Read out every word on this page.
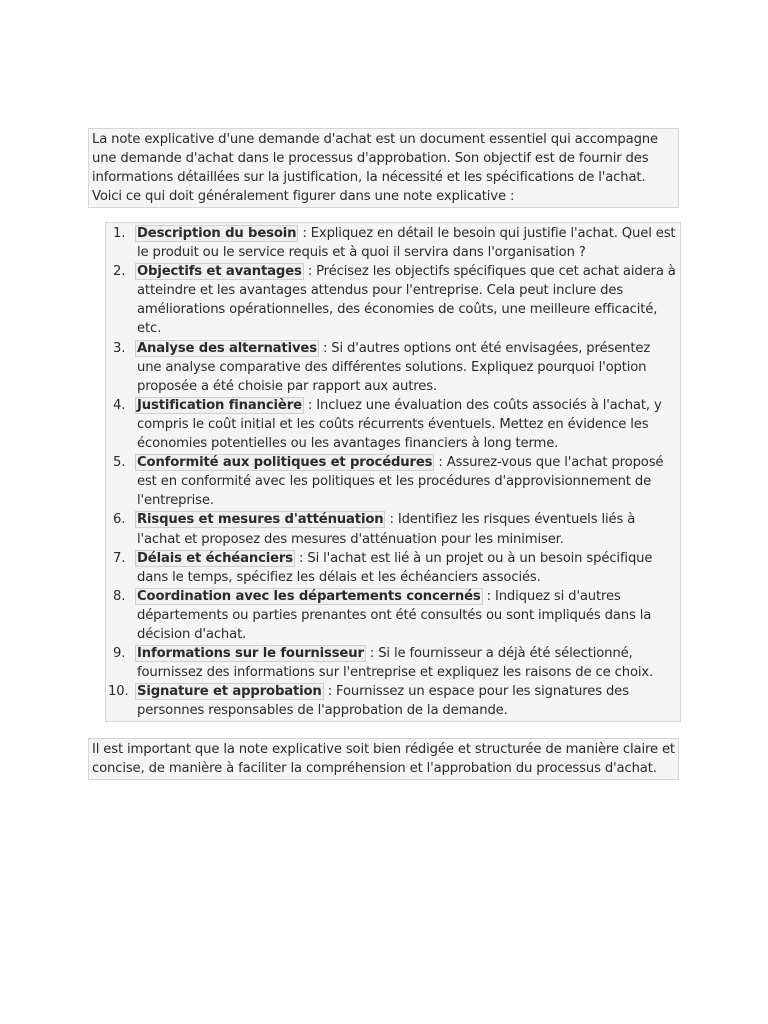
La note explicative d'une demande d'achat est un document essentiel qui accompagne une demande d'achat dans le processus d'approbation. Son objectif est de fournir des informations détaillées sur la justification, la nécessité et les spécifications de l'achat. Voici ce qui doit généralement figurer dans une note explicative :
1. Description du besoin : Expliquez en détail le besoin qui justifie l'achat. Quel est le produit ou le service requis et à quoi il servira dans l'organisation ?
2. Objectifs et avantages : Précisez les objectifs spécifiques que cet achat aidera à atteindre et les avantages attendus pour l'entreprise. Cela peut inclure des améliorations opérationnelles, des économies de coûts, une meilleure efficacité, etc.
3. Analyse des alternatives : Si d'autres options ont été envisagées, présentez une analyse comparative des différentes solutions. Expliquez pourquoi l'option proposée a été choisie par rapport aux autres.
4. Justification financière : Incluez une évaluation des coûts associés à l'achat, y compris le coût initial et les coûts récurrents éventuels. Mettez en évidence les économies potentielles ou les avantages financiers à long terme.
5. Conformité aux politiques et procédures : Assurez-vous que l'achat proposé est en conformité avec les politiques et les procédures d'approvisionnement de l'entreprise.
6. Risques et mesures d'atténuation : Identifiez les risques éventuels liés à l'achat et proposez des mesures d'atténuation pour les minimiser.
7. Délais et échéanciers : Si l'achat est lié à un projet ou à un besoin spécifique dans le temps, spécifiez les délais et les échéanciers associés.
8. Coordination avec les départements concernés : Indiquez si d'autres départements ou parties prenantes ont été consultés ou sont impliqués dans la décision d'achat.
9. Informations sur le fournisseur : Si le fournisseur a déjà été sélectionné, fournissez des informations sur l'entreprise et expliquez les raisons de ce choix.
10. Signature et approbation : Fournissez un espace pour les signatures des personnes responsables de l'approbation de la demande.
Il est important que la note explicative soit bien rédigée et structurée de manière claire et concise, de manière à faciliter la compréhension et l'approbation du processus d'achat.
